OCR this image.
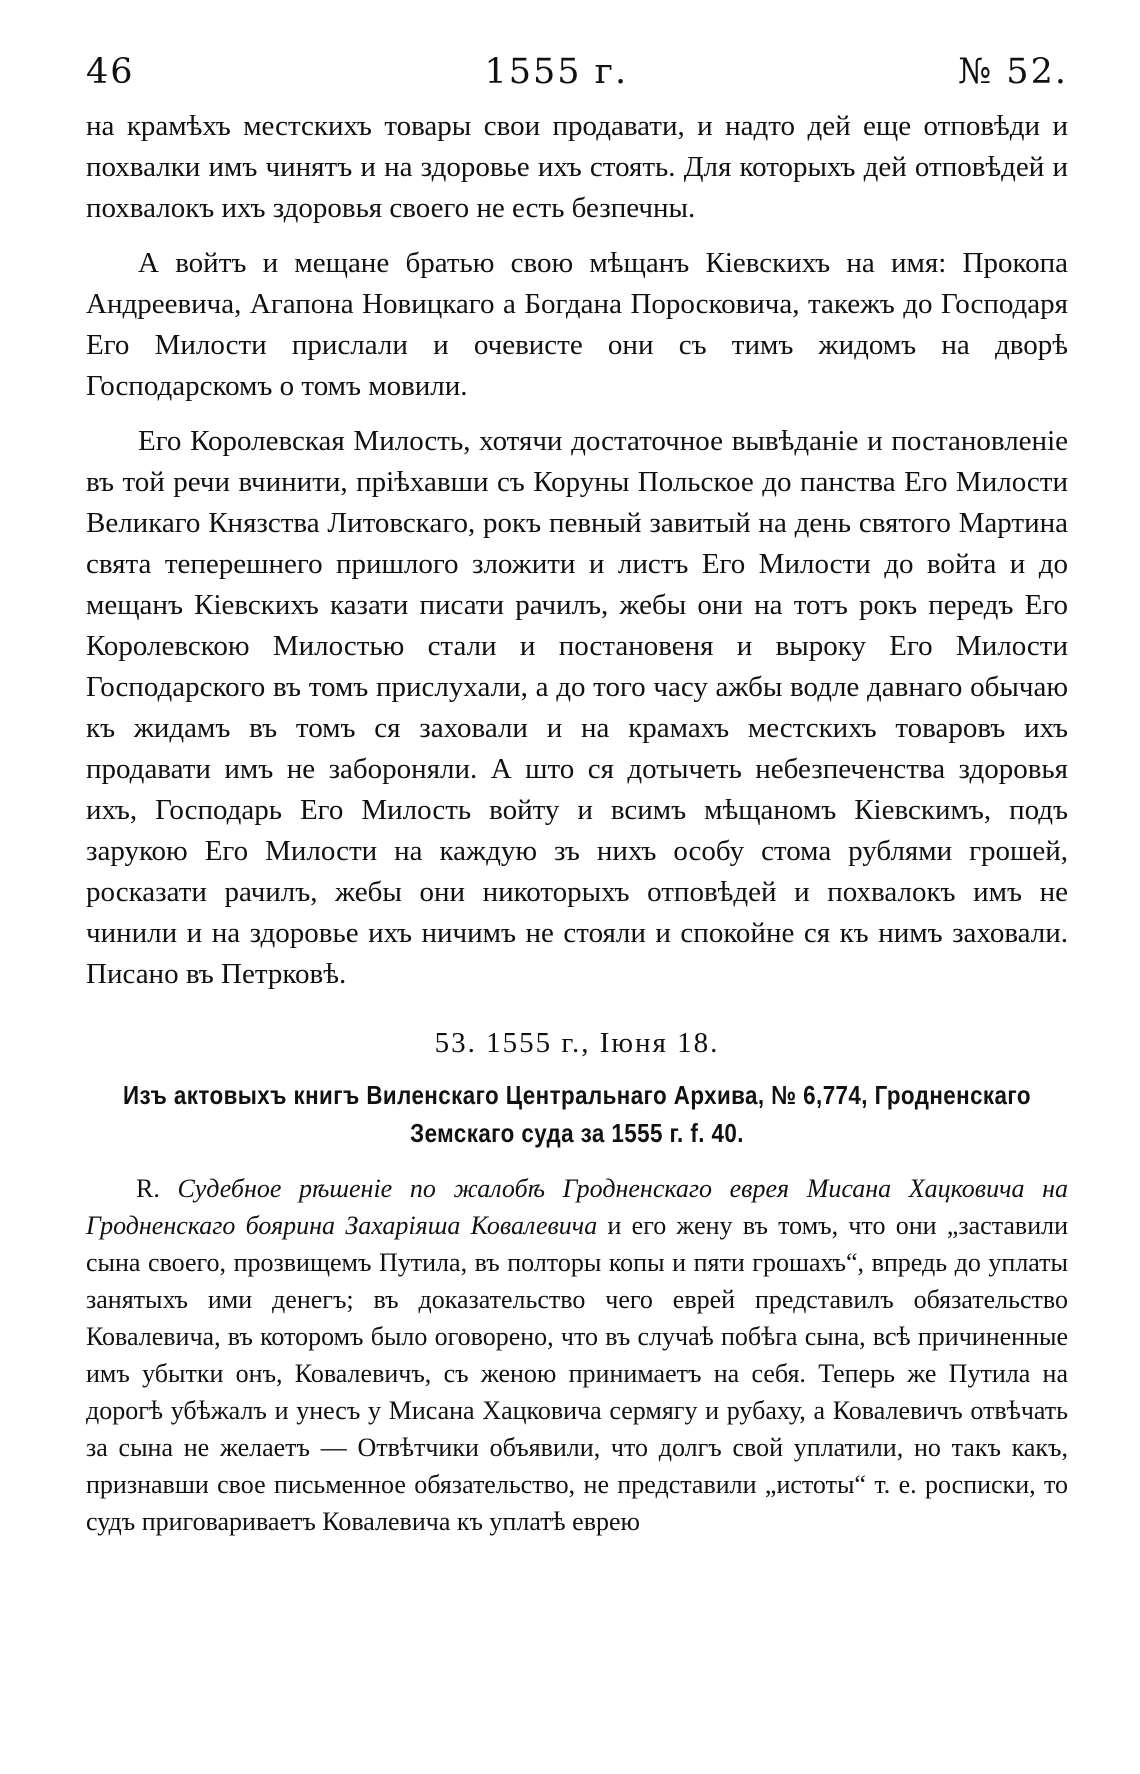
46	1555 г.	№ 52.

на крамѣхъ местскихъ товары свои продавати, и надто дей еще отповѣди и похвалки имъ чинятъ и на здоровье ихъ стоять. Для которыхъ дей отповѣдей и похвалокъ ихъ здоровья своего не есть безпечны.

А войтъ и мещане братью свою мѣщанъ Кіевскихъ на имя: Прокопа Андреевича, Агапона Новицкаго а Богдана Пoросковича, такежъ до Господаря Его Милости прислали и очевисте они съ тимъ жидомъ на дворѣ Господарскомъ о томъ мовили.

Его Королевская Милость, хотячи достаточное вывѣданіе и постановленіе въ той речи вчинити, пріѣхавши съ Коруны Польское до панства Его Милости Великаго Князства Литовскаго, рокъ певный завитый на день святого Мартина свята теперешнего пришлого зложити и листъ Его Милости до войта и до мещанъ Кіевскихъ казати писати рачилъ, жебы они на тотъ рокъ передъ Его Королевскою Милостью стали и постановеня и выроку Его Милости Господарского въ томъ прислухали, а до того часу ажбы водле давнаго обычаю къ жидамъ въ томъ ся заховали и на крамахъ местскихъ товаровъ ихъ продавати имъ не забороняли. А што ся дотычеть небезпеченства здоровья ихъ, Господарь Его Милость войту и всимъ мѣщаномъ Кіевскимъ, подъ зарукою Его Милости на каждую зъ нихъ особу стома рублями грошей, росказати рачилъ, жебы они никоторыхъ отповѣдей и похвалокъ имъ не чинили и на здоровье ихъ ничимъ не стояли и спокойне ся къ нимъ заховали. Писано въ Петрковѣ.

53. 1555 г., Іюня 18.
Изъ актовыхъ книгъ Виленскаго Центральнаго Архива, № 6,774, Гродненскаго Земскаго суда за 1555 г. f. 40.

R. Судебное рѣшеніе по жалобѣ Гродненскаго еврея Мисана Хацковича на Гродненскаго боярина Захаріяша Ковалевича и его жену въ томъ, что они „заставили сына своего, прозвищемъ Путила, въ полторы копы и пяти грошахъ“, впредь до уплаты занятыхъ ими денегъ; въ доказательство чего еврей представилъ обязательство Ковалевича, въ которомъ было оговорено, что въ случаѣ побѣга сына, всѣ причиненные имъ убытки онъ, Ковалевичъ, съ женою принимаетъ на себя. Теперь же Путила на дорогѣ убѣжалъ и унесъ у Мисана Хацковича сермягу и рубаху, а Ковалевичъ отвѣчать за сына не желаетъ — Отвѣтчики объявили, что долгъ свой уплатили, но такъ какъ, признавши свое письменное обязательство, не представили „истоты“ т. е. росписки, то судъ приговариваетъ Ковалевича къ уплатѣ еврею
